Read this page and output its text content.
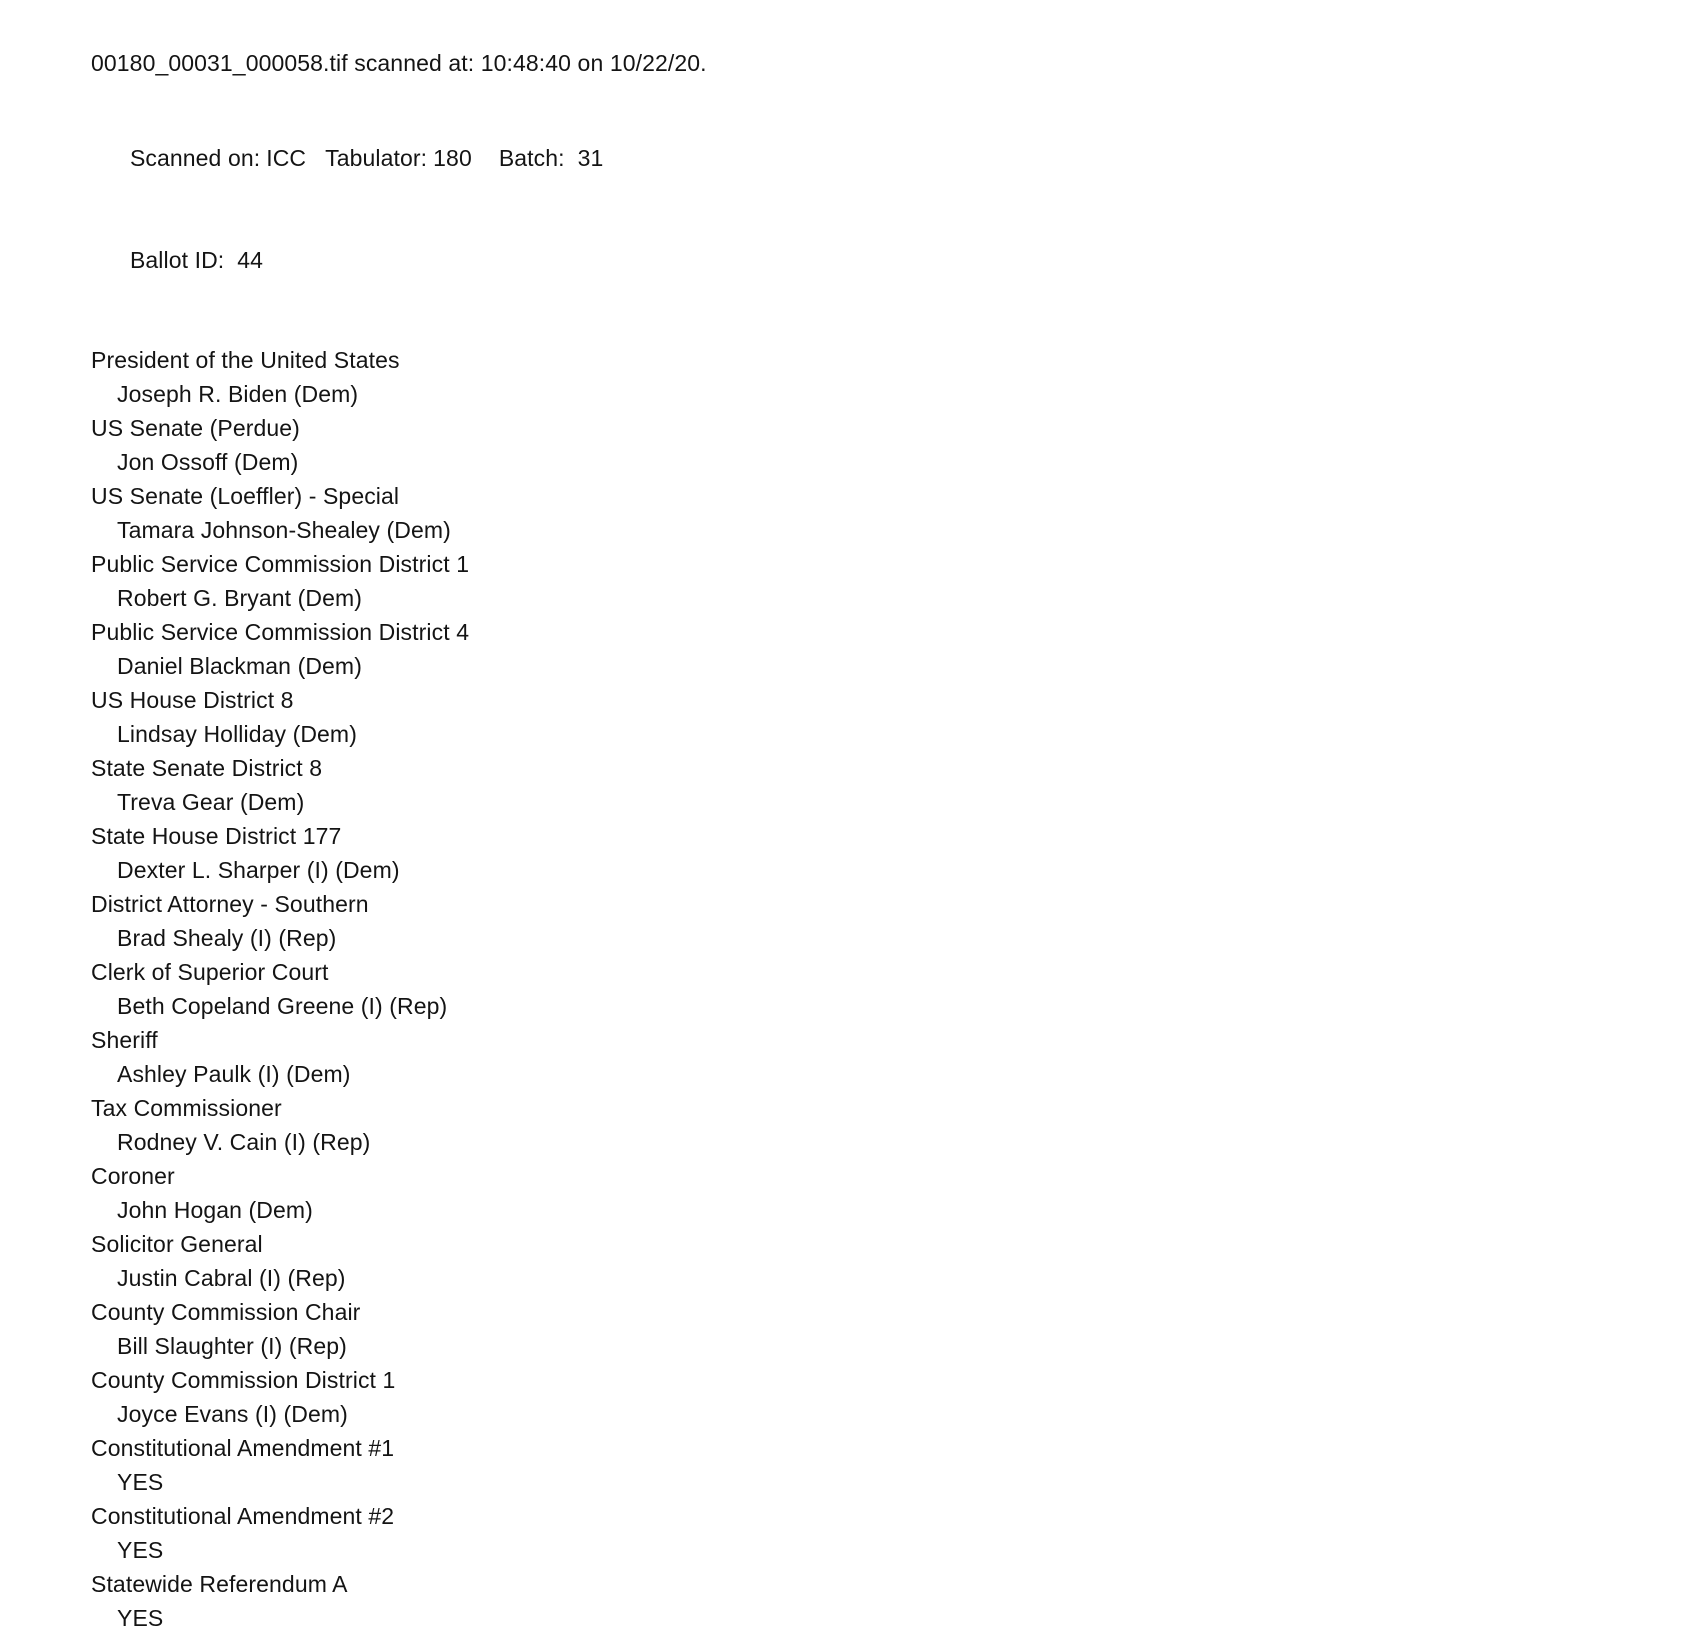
00180_00031_000058.tif scanned at: 10:48:40 on 10/22/20.

Scanned on: ICC Tabulator: 180 Batch: 31

Ballot ID: 44

President of the United States
Joseph R. Biden (Dem)
US Senate (Perdue)
Jon Ossoff (Dem)
US Senate (Loeffler) - Special
Tamara Johnson-Shealey (Dem)
Public Service Commission District 1
Robert G. Bryant (Dem)
Public Service Commission District 4
Daniel Blackman (Dem)
US House District 8
Lindsay Holliday (Dem)
State Senate District 8
Treva Gear (Dem)
State House District 177
Dexter L. Sharper (I) (Dem)
District Attorney - Southern
Brad Shealy (I) (Rep)
Clerk of Superior Court
Beth Copeland Greene (I) (Rep)
Sheriff
Ashley Paulk (I) (Dem)
Tax Commissioner
Rodney V. Cain (I) (Rep)
Coroner
John Hogan (Dem)
Solicitor General
Justin Cabral (I) (Rep)
County Commission Chair
Bill Slaughter (I) (Rep)
County Commission District 1
Joyce Evans (I) (Dem)
Constitutional Amendment #1
YES
Constitutional Amendment #2
YES
Statewide Referendum A
YES
